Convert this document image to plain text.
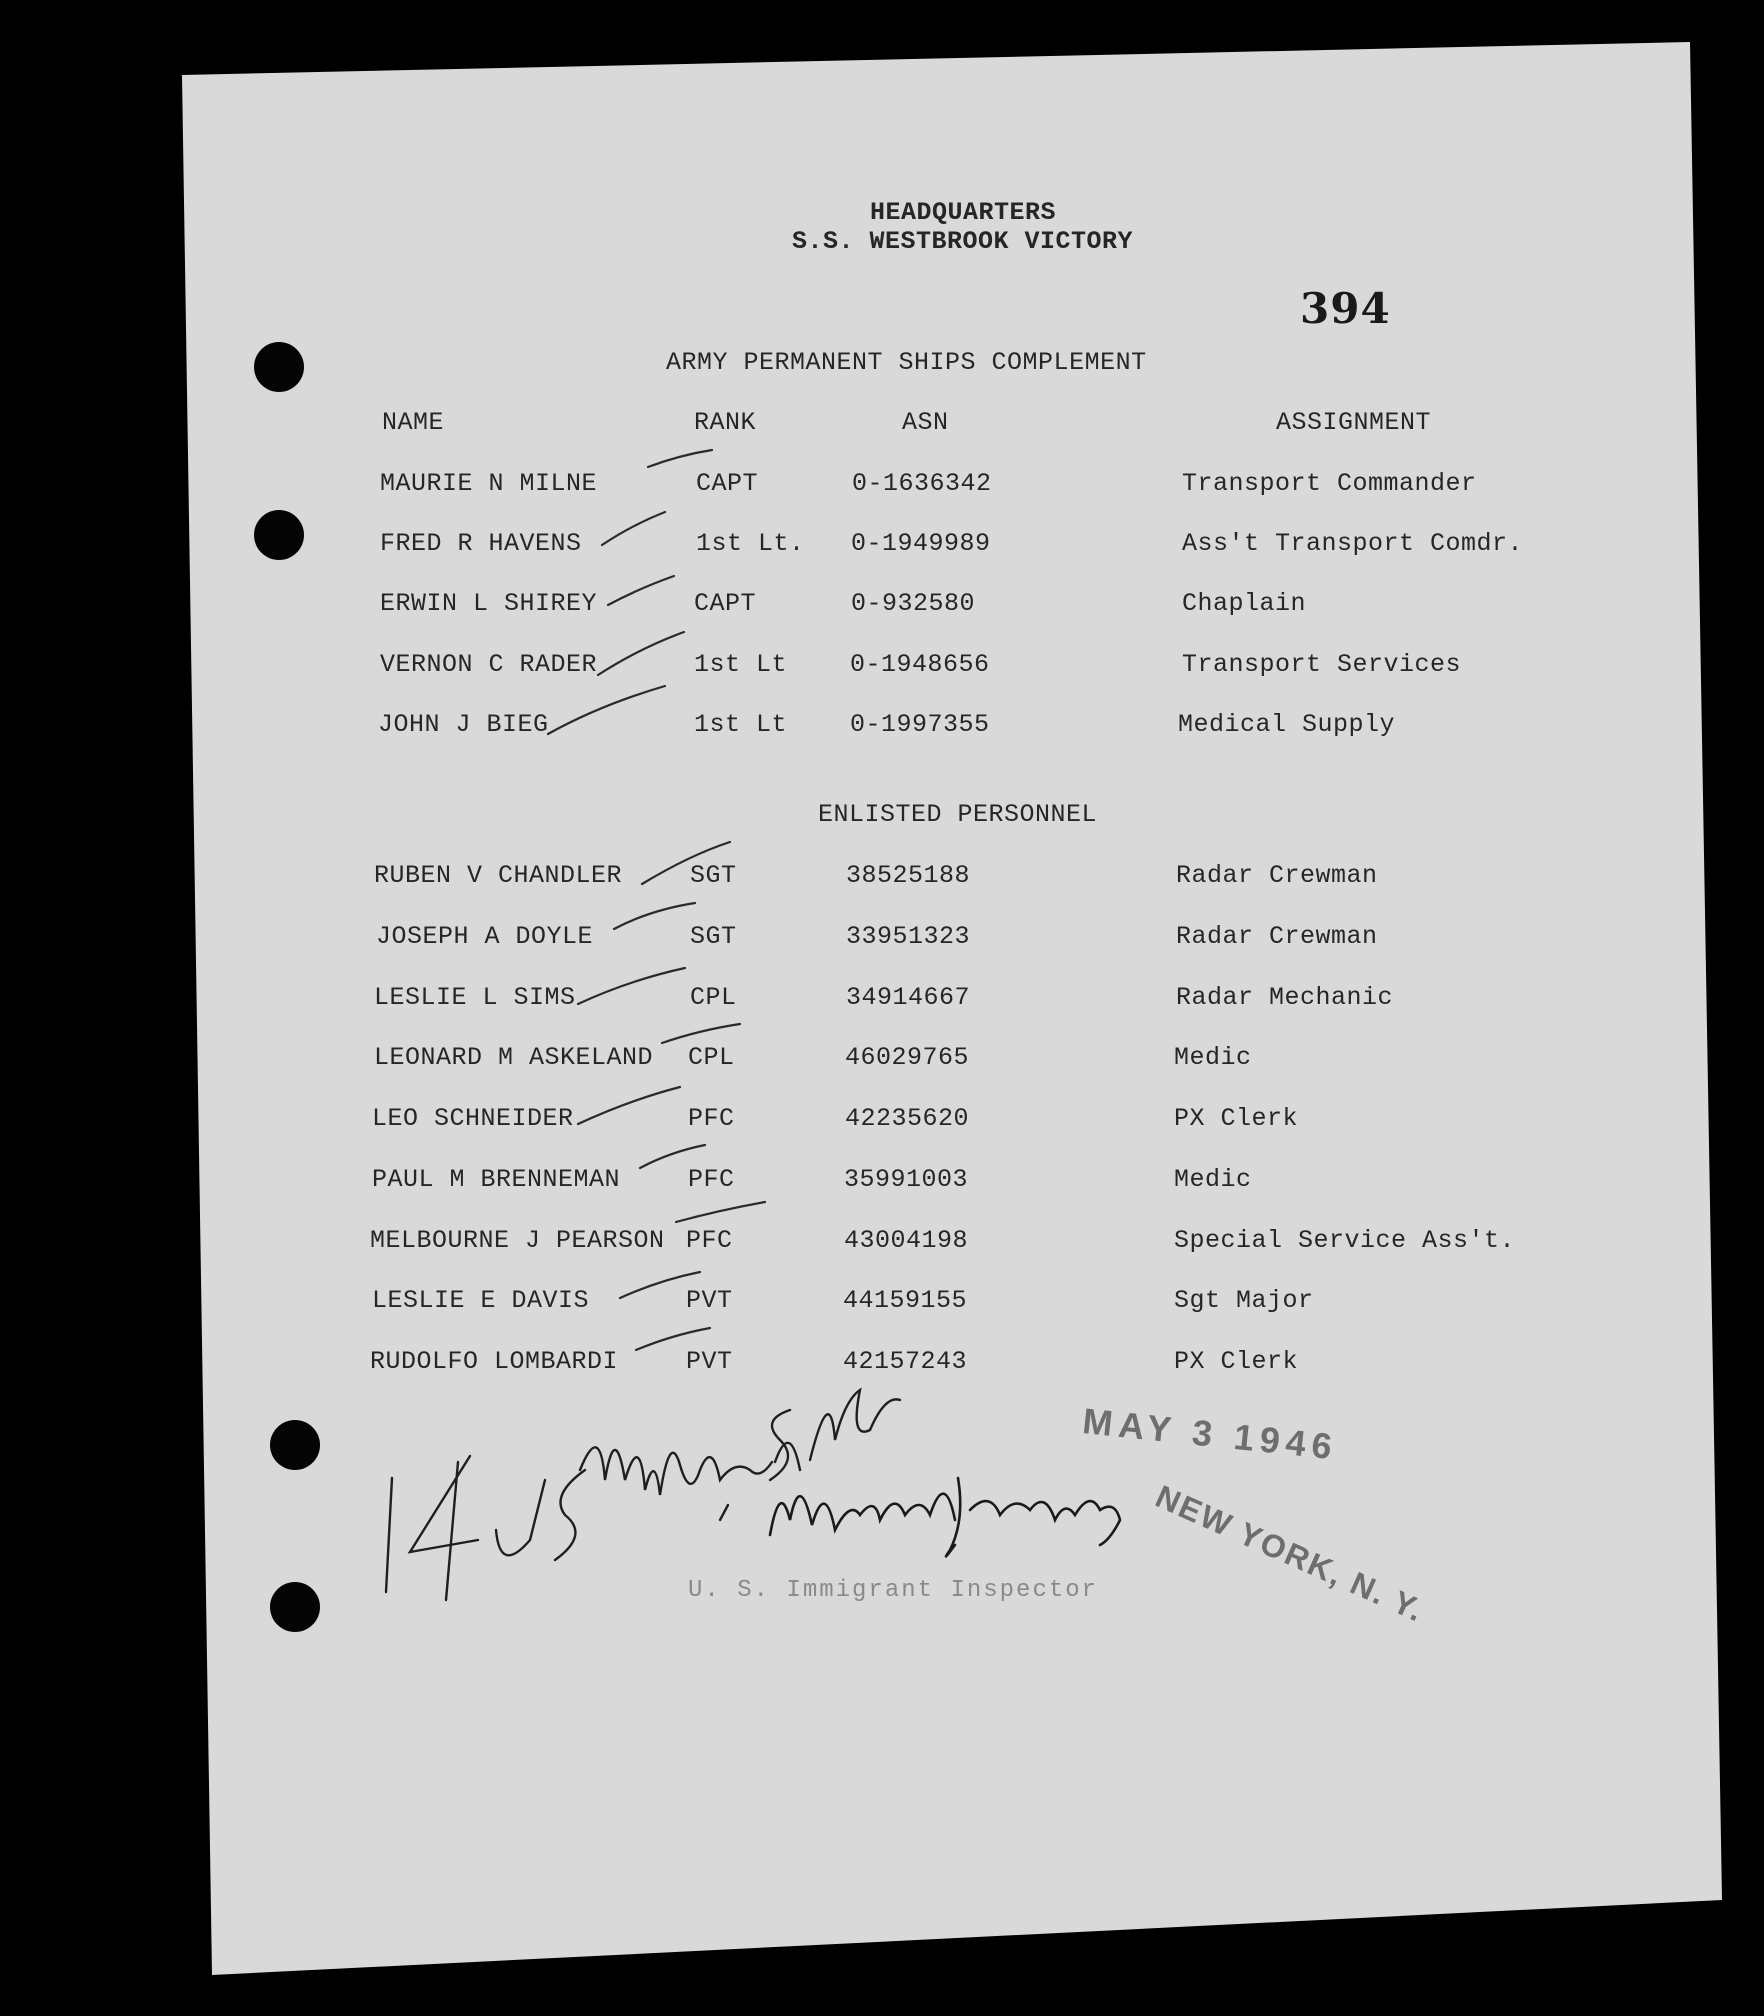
HEADQUARTERS
S.S. WESTBROOK VICTORY
394
ARMY PERMANENT SHIPS COMPLEMENT
NAME	RANK	ASN	ASSIGNMENT
MAURIE N MILNE	CAPT	0-1636342	Transport Commander
FRED R HAVENS	1st Lt. 0-1949989	Ass't Transport Comdr.
ERWIN L SHIREY	CAPT	0-932580	Chaplain
VERNON C RADER	1st Lt	0-1948656	Transport Services
JOHN J BIEG	1st Lt	0-1997355	Medical Supply
ENLISTED PERSONNEL
RUBEN V CHANDLER	SGT	38525188	Radar Crewman
JOSEPH A DOYLE	SGT	33951323	Radar Crewman
LESLIE L SIMS	CPL	34914667	Radar Mechanic
LEONARD M ASKELAND CPL	46029765	Medic
LEO SCHNEIDER	PFC	42235620	PX Clerk
PAUL M BRENNEMAN	PFC	35991003	Medic
MELBOURNE J PEARSON PFC	43004198	Special Service Ass't.
LESLIE E DAVIS	PVT	44159155	Sgt Major
RUDOLFO LOMBARDI	PVT	42157243	PX Clerk
U. S. Immigrant Inspector
MAY 3 1946
NEW YORK, N. Y.
